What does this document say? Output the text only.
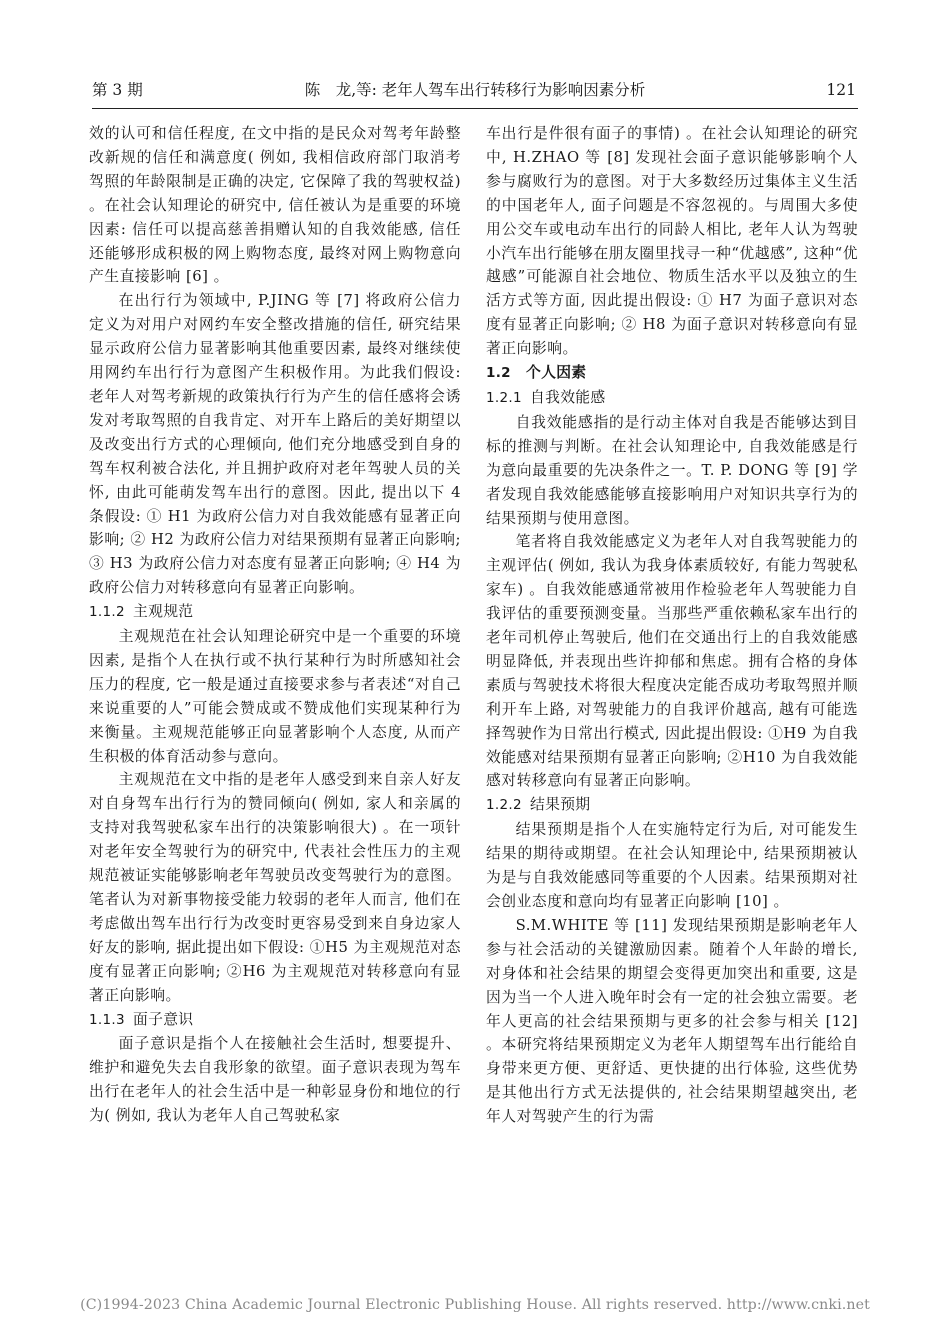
第 3 期	陈　龙,等: 老年人驾车出行转移行为影响因素分析	121

效的认可和信任程度, 在文中指的是民众对驾考年龄整改新规的信任和满意度( 例如, 我相信政府部门取消考驾照的年龄限制是正确的决定, 它保障了我的驾驶权益) 。在社会认知理论的研究中, 信任被认为是重要的环境因素: 信任可以提高慈善捐赠认知的自我效能感, 信任还能够形成积极的网上购物态度, 最终对网上购物意向产生直接影响 [6] 。

在出行行为领域中, P.JING 等 [7] 将政府公信力定义为对用户对网约车安全整改措施的信任, 研究结果显示政府公信力显著影响其他重要因素, 最终对继续使用网约车出行行为意图产生积极作用。为此我们假设: 老年人对驾考新规的政策执行行为产生的信任感将会诱发对考取驾照的自我肯定、对开车上路后的美好期望以及改变出行方式的心理倾向, 他们充分地感受到自身的驾车权利被合法化, 并且拥护政府对老年驾驶人员的关怀, 由此可能萌发驾车出行的意图。因此, 提出以下 4 条假设: ① H1 为政府公信力对自我效能感有显著正向影响; ② H2 为政府公信力对结果预期有显著正向影响; ③ H3 为政府公信力对态度有显著正向影响; ④ H4 为政府公信力对转移意向有显著正向影响。

1.1.2 主观规范

主观规范在社会认知理论研究中是一个重要的环境因素, 是指个人在执行或不执行某种行为时所感知社会压力的程度, 它一般是通过直接要求参与者表述“对自己来说重要的人”可能会赞成或不赞成他们实现某种行为来衡量。主观规范能够正向显著影响个人态度, 从而产生积极的体育活动参与意向。

主观规范在文中指的是老年人感受到来自亲人好友对自身驾车出行行为的赞同倾向( 例如, 家人和亲属的支持对我驾驶私家车出行的决策影响很大) 。在一项针对老年安全驾驶行为的研究中, 代表社会性压力的主观规范被证实能够影响老年驾驶员改变驾驶行为的意图。笔者认为对新事物接受能力较弱的老年人而言, 他们在考虑做出驾车出行行为改变时更容易受到来自身边家人好友的影响, 据此提出如下假设: ①H5 为主观规范对态度有显著正向影响; ②H6 为主观规范对转移意向有显著正向影响。

1.1.3 面子意识

面子意识是指个人在接触社会生活时, 想要提升、维护和避免失去自我形象的欲望。面子意识表现为驾车出行在老年人的社会生活中是一种彰显身份和地位的行为( 例如, 我认为老年人自己驾驶私家

车出行是件很有面子的事情) 。在社会认知理论的研究中, H.ZHAO 等 [8] 发现社会面子意识能够影响个人参与腐败行为的意图。对于大多数经历过集体主义生活的中国老年人, 面子问题是不容忽视的。与周围大多使用公交车或电动车出行的同龄人相比, 老年人认为驾驶小汽车出行能够在朋友圈里找寻一种“优越感”, 这种“优越感”可能源自社会地位、物质生活水平以及独立的生活方式等方面, 因此提出假设: ① H7 为面子意识对态度有显著正向影响; ② H8 为面子意识对转移意向有显著正向影响。

1.2 个人因素
1.2.1 自我效能感

自我效能感指的是行动主体对自我是否能够达到目标的推测与判断。在社会认知理论中, 自我效能感是行为意向最重要的先决条件之一。T. P. DONG 等 [9] 学者发现自我效能感能够直接影响用户对知识共享行为的结果预期与使用意图。

笔者将自我效能感定义为老年人对自我驾驶能力的主观评估( 例如, 我认为我身体素质较好, 有能力驾驶私家车) 。自我效能感通常被用作检验老年人驾驶能力自我评估的重要预测变量。当那些严重依赖私家车出行的老年司机停止驾驶后, 他们在交通出行上的自我效能感明显降低, 并表现出些许抑郁和焦虑。拥有合格的身体素质与驾驶技术将很大程度决定能否成功考取驾照并顺利开车上路, 对驾驶能力的自我评价越高, 越有可能选择驾驶作为日常出行模式, 因此提出假设: ①H9 为自我效能感对结果预期有显著正向影响; ②H10 为自我效能感对转移意向有显著正向影响。

1.2.2 结果预期

结果预期是指个人在实施特定行为后, 对可能发生结果的期待或期望。在社会认知理论中, 结果预期被认为是与自我效能感同等重要的个人因素。结果预期对社会创业态度和意向均有显著正向影响 [10] 。

S.M.WHITE 等 [11] 发现结果预期是影响老年人参与社会活动的关键激励因素。随着个人年龄的增长, 对身体和社会结果的期望会变得更加突出和重要, 这是因为当一个人进入晚年时会有一定的社会独立需要。老年人更高的社会结果预期与更多的社会参与相关 [12] 。本研究将结果预期定义为老年人期望驾车出行能给自身带来更方便、更舒适、更快捷的出行体验, 这些优势是其他出行方式无法提供的, 社会结果期望越突出, 老年人对驾驶产生的行为需

(C)1994-2023 China Academic Journal Electronic Publishing House. All rights reserved. http://www.cnki.net
